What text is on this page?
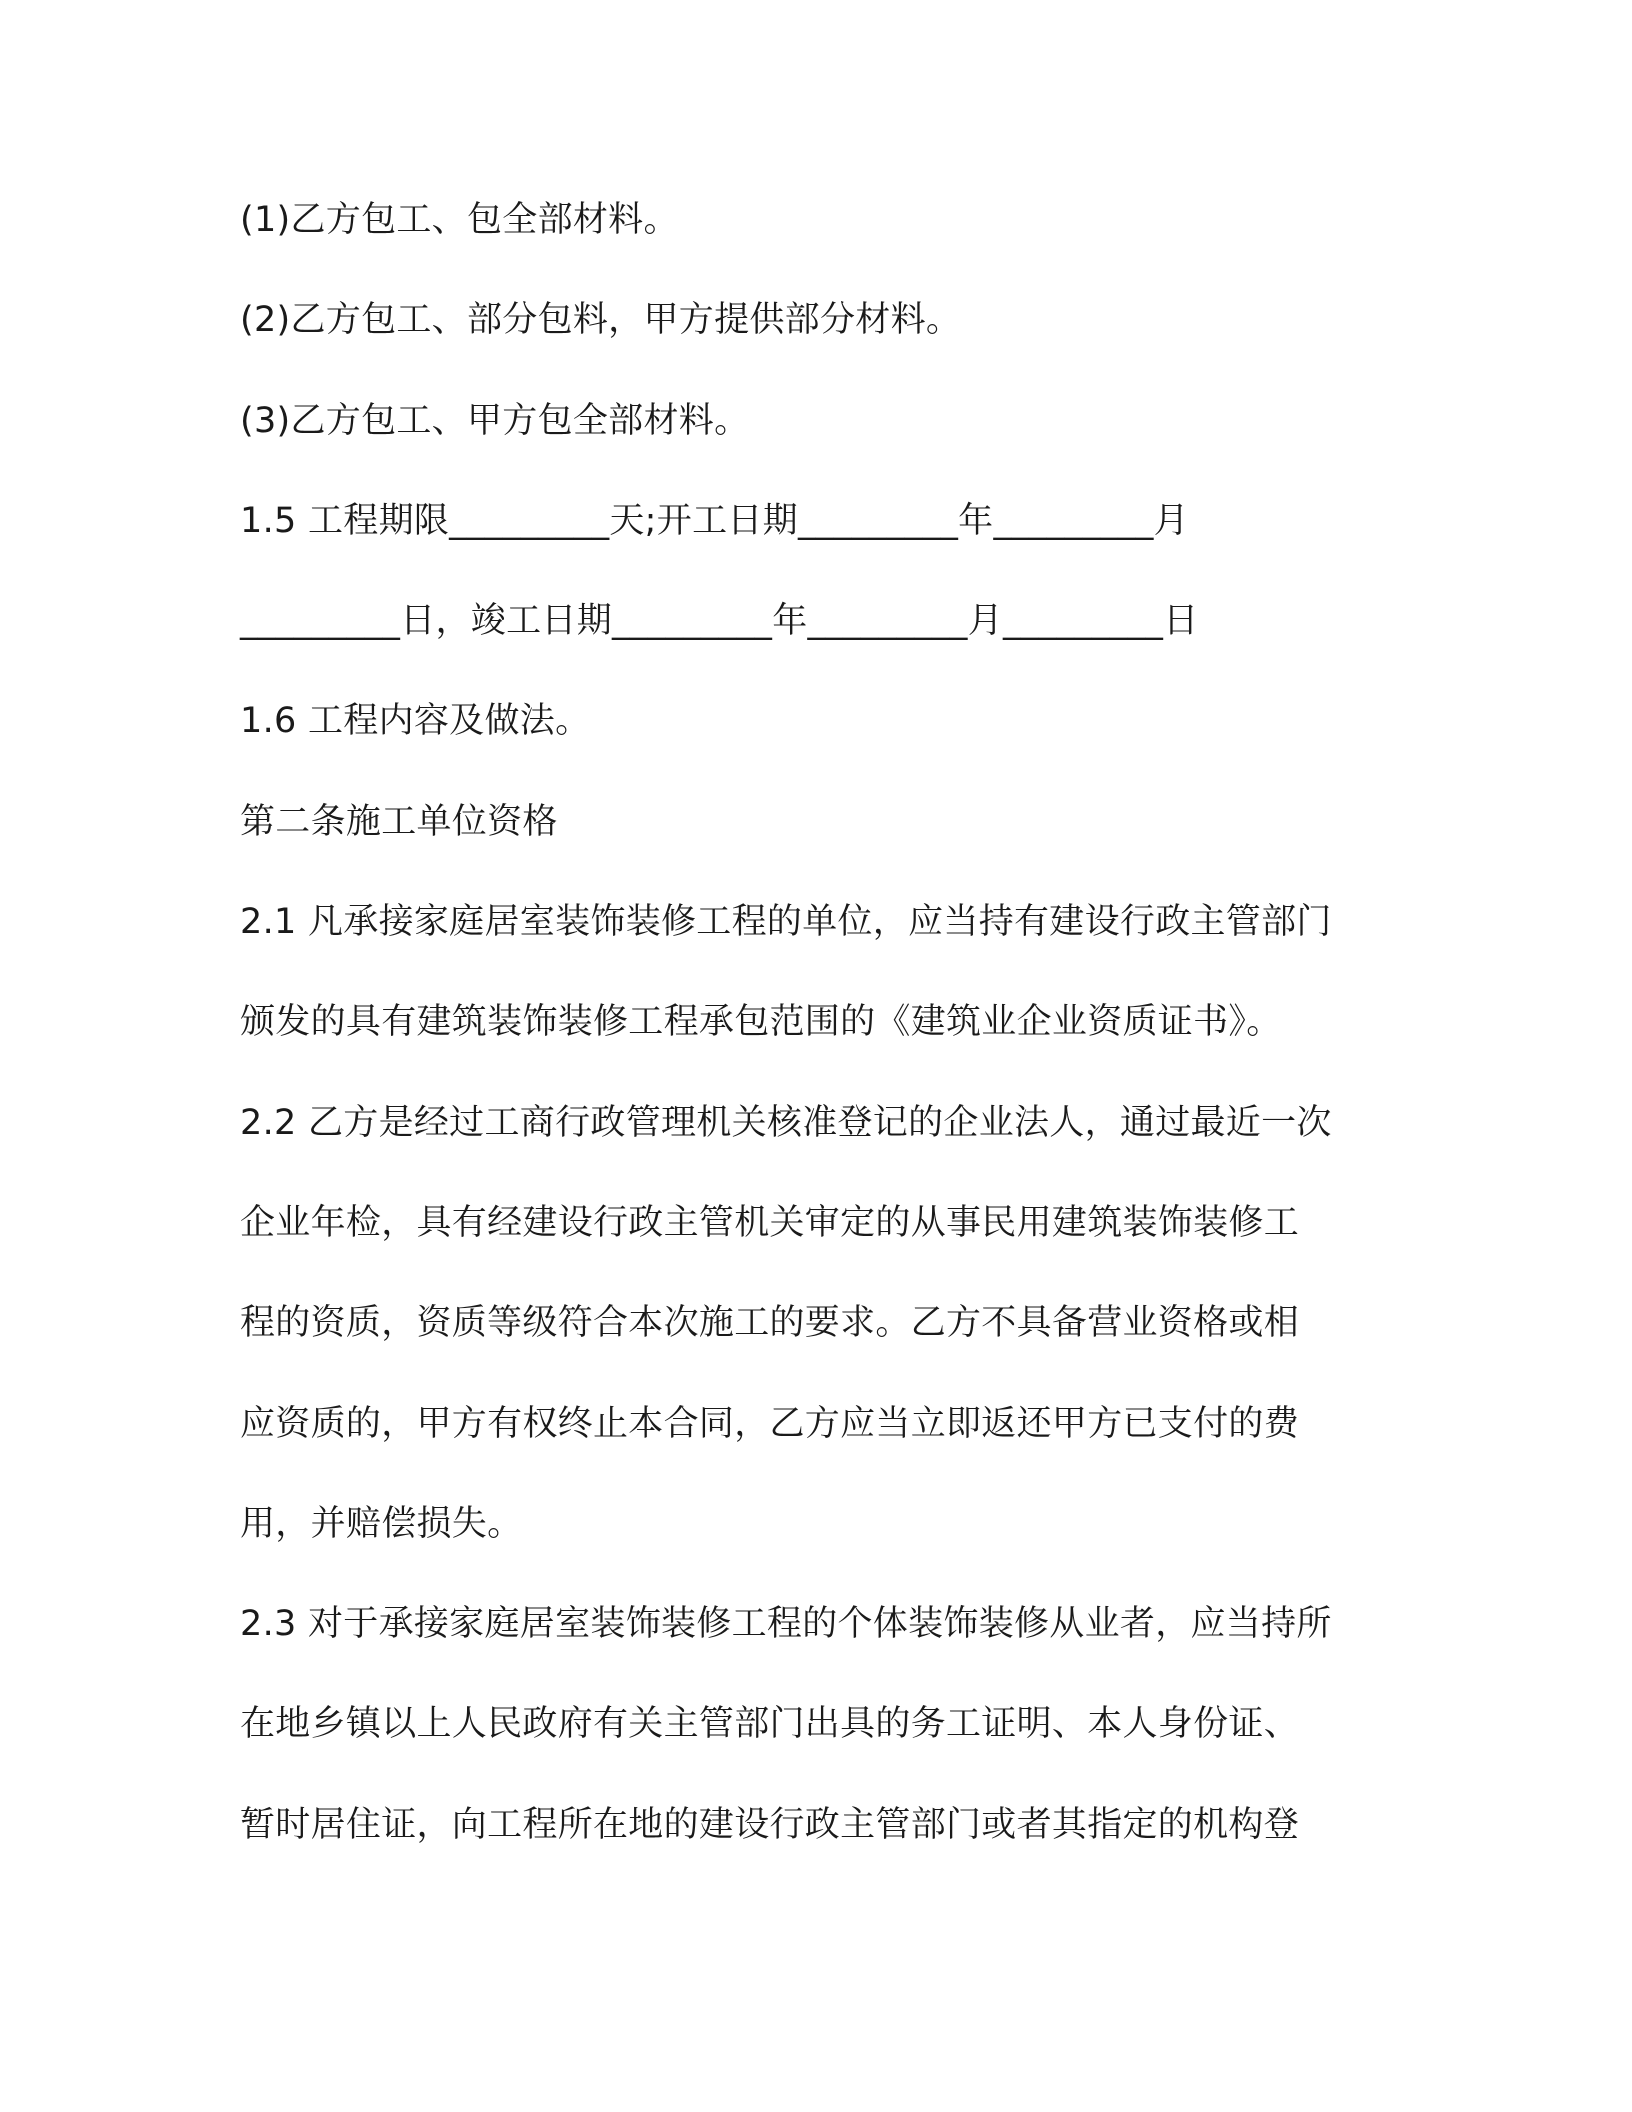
(1)乙方包工、包全部材料。
(2)乙方包工、部分包料，甲方提供部分材料。
(3)乙方包工、甲方包全部材料。
1.5 工程期限_________天;开工日期_________年_________月
_________日，竣工日期_________年_________月_________日
1.6 工程内容及做法。
第二条施工单位资格
2.1 凡承接家庭居室装饰装修工程的单位，应当持有建设行政主管部门
颁发的具有建筑装饰装修工程承包范围的《建筑业企业资质证书》。
2.2 乙方是经过工商行政管理机关核准登记的企业法人，通过最近一次
企业年检，具有经建设行政主管机关审定的从事民用建筑装饰装修工
程的资质，资质等级符合本次施工的要求。乙方不具备营业资格或相
应资质的，甲方有权终止本合同，乙方应当立即返还甲方已支付的费
用，并赔偿损失。
2.3 对于承接家庭居室装饰装修工程的个体装饰装修从业者，应当持所
在地乡镇以上人民政府有关主管部门出具的务工证明、本人身份证、
暂时居住证，向工程所在地的建设行政主管部门或者其指定的机构登
